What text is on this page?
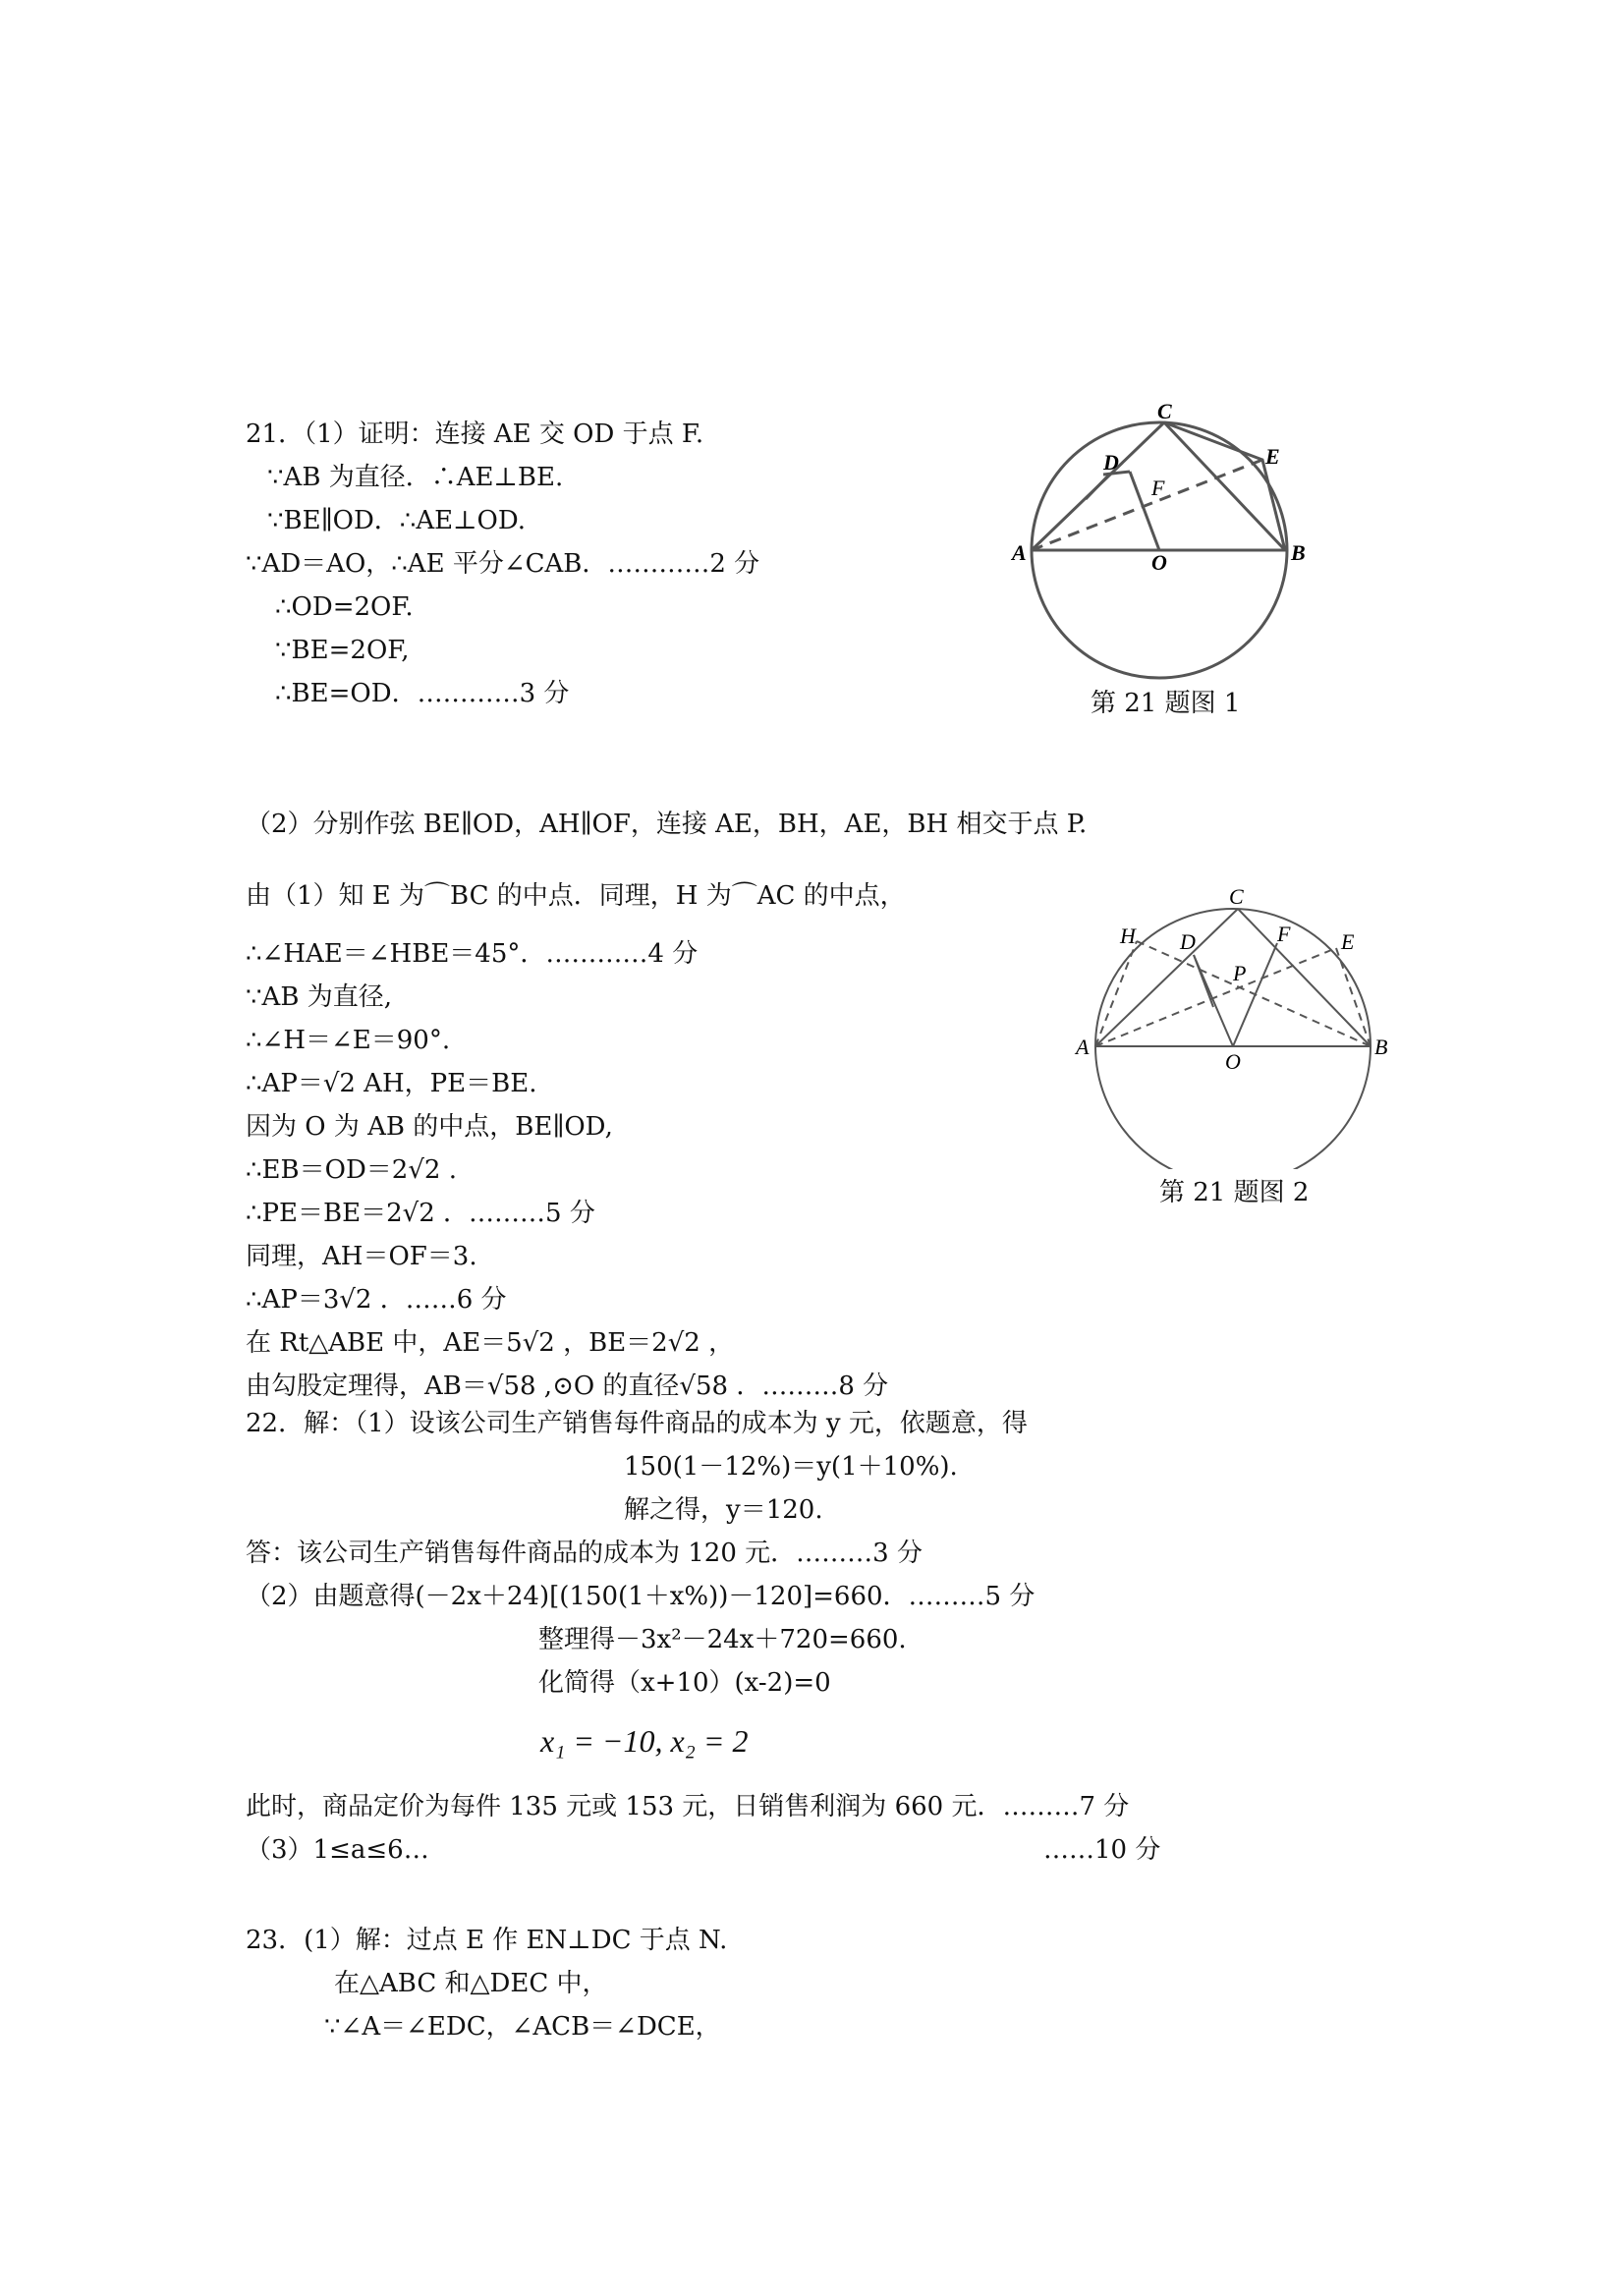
21．（1）证明：连接 AE 交 OD 于点 F.
∵AB 为直径．∴AE⊥BE.
∵BE∥OD．∴AE⊥OD.
∵AD＝AO，∴AE 平分∠CAB．…………2 分
∴OD=2OF.
∵BE=2OF,
∴BE=OD．…………3 分
C
D	E
F
A	O	B
第 21 题图 1
（2）分别作弦 BE∥OD，AH∥OF，连接 AE，BH，AE，BH 相交于点 P.
由（1）知 E 为⌒BC 的中点．同理，H 为⌒AC 的中点，
∴∠HAE＝∠HBE＝45°．…………4 分
∵AB 为直径,
∴∠H＝∠E＝90°.
∴AP＝√2 AH，PE＝BE.
因为 O 为 AB 的中点，BE∥OD,
∴EB＝OD＝2√2 .
∴PE＝BE＝2√2 ．………5 分
同理，AH＝OF＝3.
∴AP＝3√2 ．……6 分
在 Rt△ABE 中，AE＝5√2 ，BE＝2√2 ，
由勾股定理得，AB＝√58 ,⊙O 的直径√58 ．………8 分
C
H D	F E
P
A
O
B
第 21 题图 2
22．解：（1）设该公司生产销售每件商品的成本为 y 元，依题意，得
150(1－12%)＝y(1＋10%).
解之得，y＝120.
答：该公司生产销售每件商品的成本为 120 元．………3 分
（2）由题意得(－2x＋24)[(150(1＋x%))－120]=660．………5 分
整理得－3x²－24x＋720=660.
化简得（x+10）(x-2)=0
x₁ = −10, x₂ = 2
此时，商品定价为每件 135 元或 153 元，日销售利润为 660 元．………7 分
（3）1≤a≤6…	……10 分
23．(1）解：过点 E 作 EN⊥DC 于点 N.
在△ABC 和△DEC 中，
∵∠A＝∠EDC，∠ACB＝∠DCE，
